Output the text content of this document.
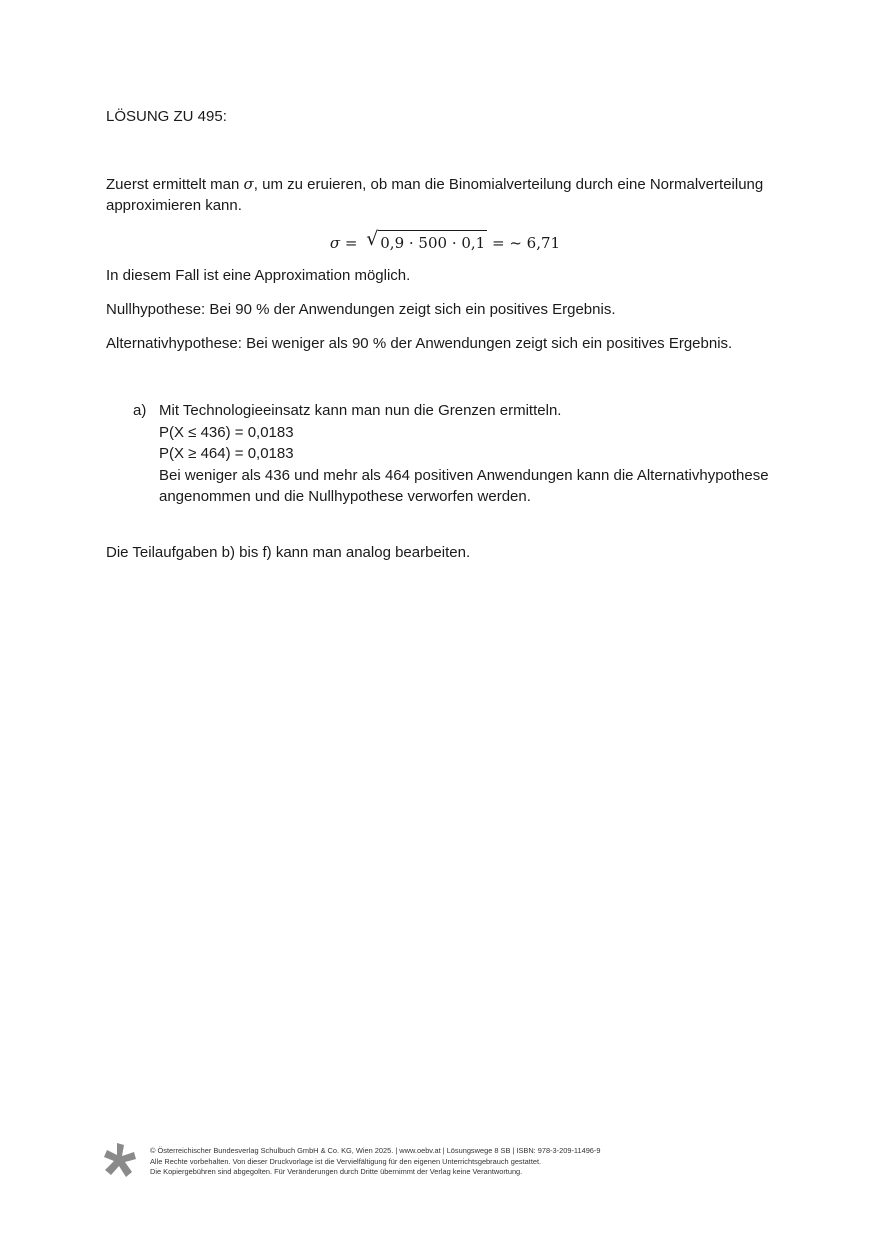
LÖSUNG ZU 495:
Zuerst ermittelt man σ, um zu eruieren, ob man die Binomialverteilung durch eine Normalverteilung
approximieren kann.
σ = √ 0,9 · 500 · 0,1 = ~ 6,71
In diesem Fall ist eine Approximation möglich.
Nullhypothese: Bei 90 % der Anwendungen zeigt sich ein positives Ergebnis.
Alternativhypothese: Bei weniger als 90 % der Anwendungen zeigt sich ein positives Ergebnis.
a) Mit Technologieeinsatz kann man nun die Grenzen ermitteln.
P(X ≤ 436) = 0,0183
P(X ≥ 464) = 0,0183
Bei weniger als 436 und mehr als 464 positiven Anwendungen kann die Alternativhypothese
angenommen und die Nullhypothese verworfen werden.
Die Teilaufgaben b) bis f) kann man analog bearbeiten.
© Österreichischer Bundesverlag Schulbuch GmbH & Co. KG, Wien 2025. | www.oebv.at | Lösungswege 8 SB | ISBN: 978-3-209-11496-9
Alle Rechte vorbehalten. Von dieser Druckvorlage ist die Vervielfältigung für den eigenen Unterrichtsgebrauch gestattet.
Die Kopiergebühren sind abgegolten. Für Veränderungen durch Dritte übernimmt der Verlag keine Verantwortung.
